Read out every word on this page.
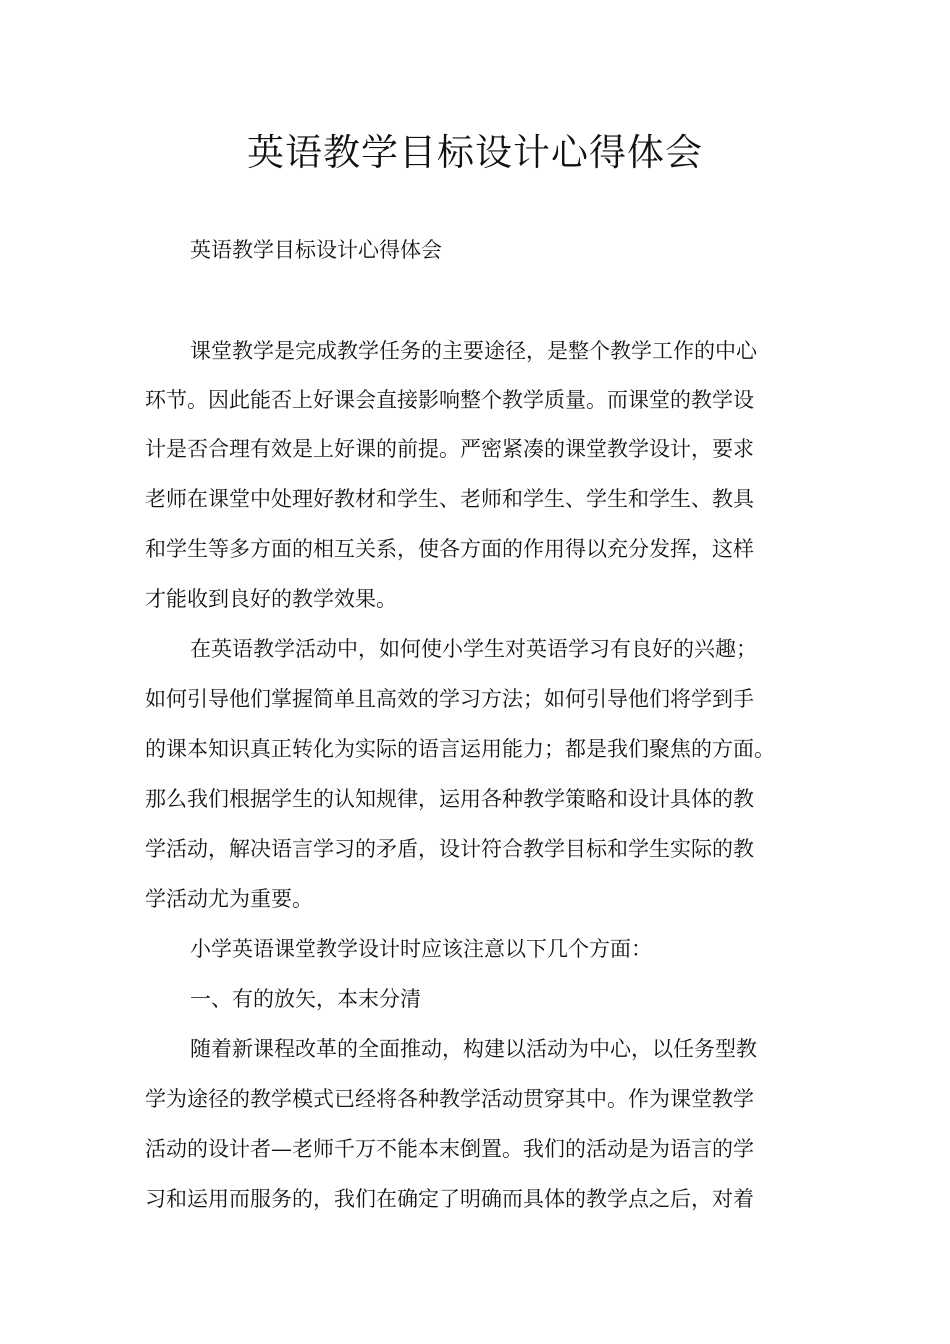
英语教学目标设计心得体会
英语教学目标设计心得体会
课堂教学是完成教学任务的主要途径，是整个教学工作的中心
环节。因此能否上好课会直接影响整个教学质量。而课堂的教学设
计是否合理有效是上好课的前提。严密紧凑的课堂教学设计，要求
老师在课堂中处理好教材和学生、老师和学生、学生和学生、教具
和学生等多方面的相互关系，使各方面的作用得以充分发挥，这样
才能收到良好的教学效果。
在英语教学活动中，如何使小学生对英语学习有良好的兴趣；
如何引导他们掌握简单且高效的学习方法；如何引导他们将学到手
的课本知识真正转化为实际的语言运用能力；都是我们聚焦的方面。
那么我们根据学生的认知规律，运用各种教学策略和设计具体的教
学活动，解决语言学习的矛盾，设计符合教学目标和学生实际的教
学活动尤为重要。
小学英语课堂教学设计时应该注意以下几个方面：
一、有的放矢，本末分清
随着新课程改革的全面推动，构建以活动为中心，以任务型教
学为途径的教学模式已经将各种教学活动贯穿其中。作为课堂教学
活动的设计者—老师千万不能本末倒置。我们的活动是为语言的学
习和运用而服务的，我们在确定了明确而具体的教学点之后，对着
